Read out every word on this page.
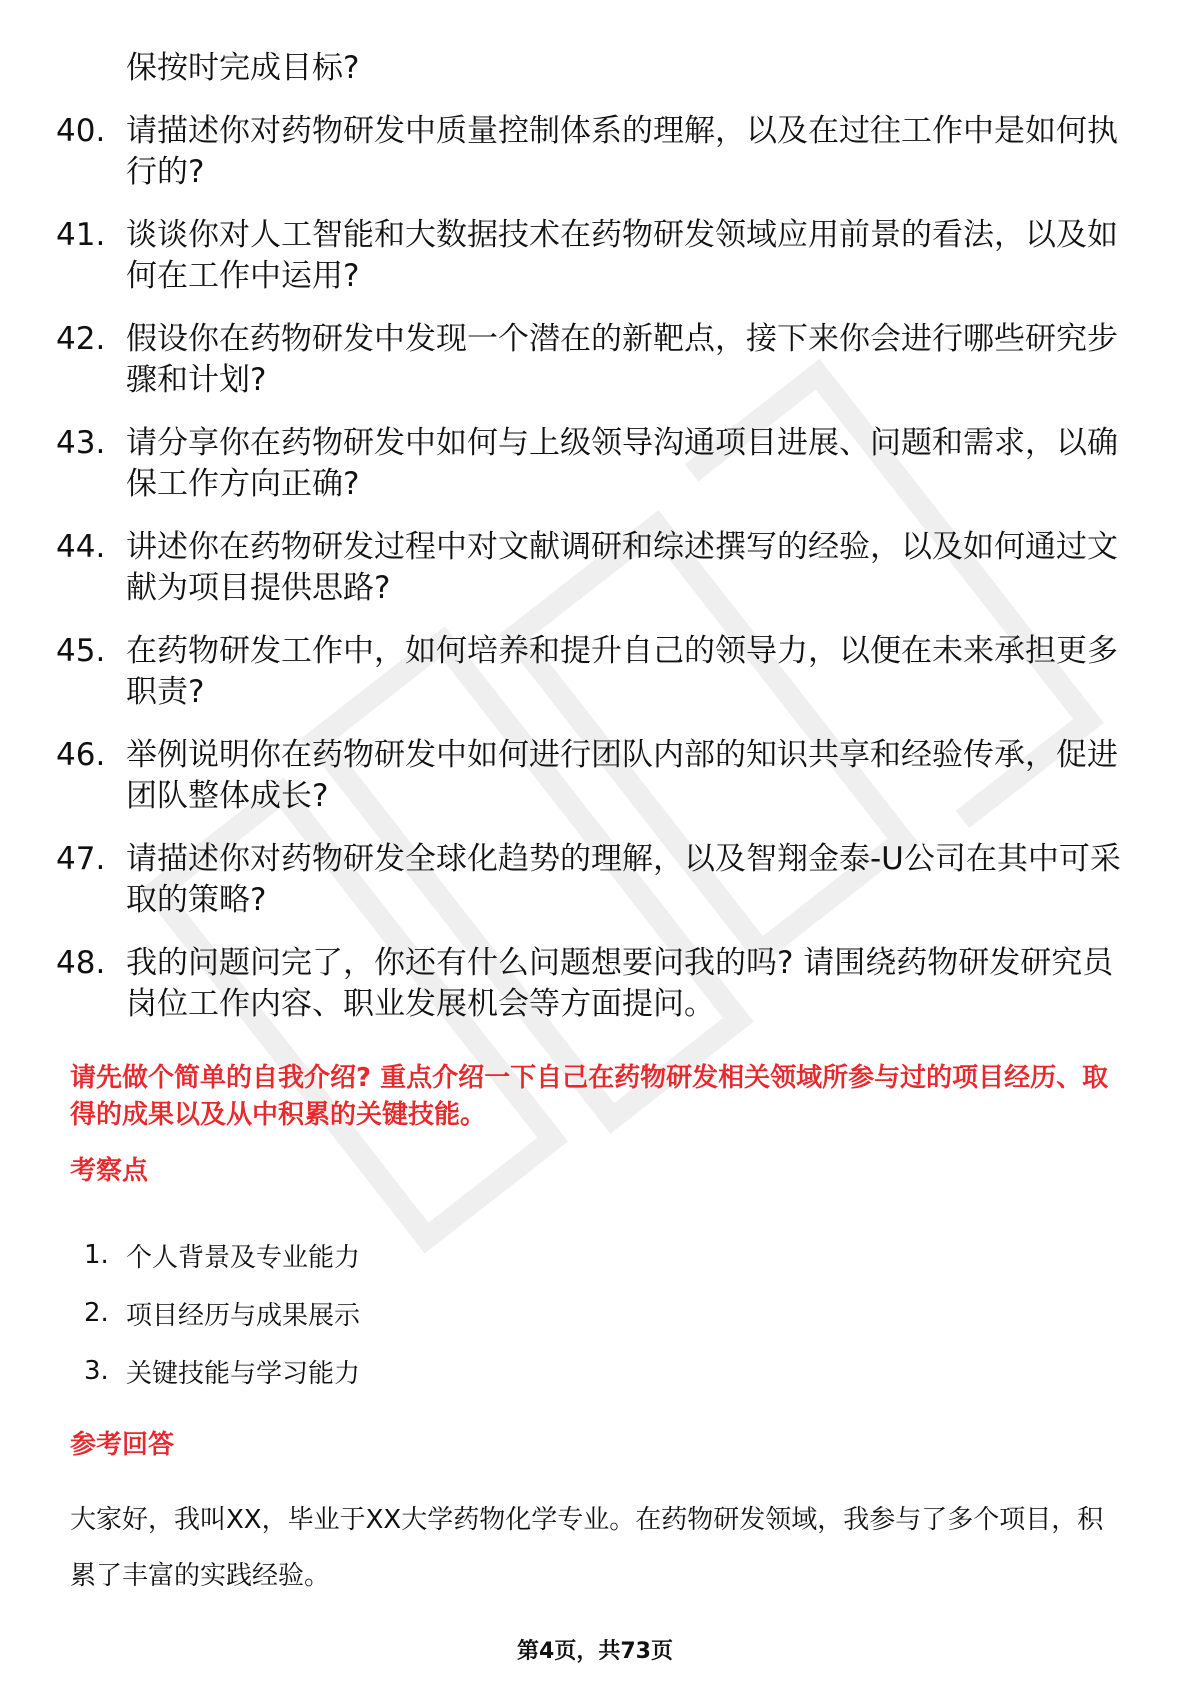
保按时完成目标?
40. 请描述你对药物研发中质量控制体系的理解，以及在过往工作中是如何执行的?
41. 谈谈你对人工智能和大数据技术在药物研发领域应用前景的看法，以及如何在工作中运用?
42. 假设你在药物研发中发现一个潜在的新靶点，接下来你会进行哪些研究步骤和计划?
43. 请分享你在药物研发中如何与上级领导沟通项目进展、问题和需求，以确保工作方向正确?
44. 讲述你在药物研发过程中对文献调研和综述撰写的经验，以及如何通过文献为项目提供思路?
45. 在药物研发工作中，如何培养和提升自己的领导力，以便在未来承担更多职责?
46. 举例说明你在药物研发中如何进行团队内部的知识共享和经验传承，促进团队整体成长?
47. 请描述你对药物研发全球化趋势的理解，以及智翔金泰-U公司在其中可采取的策略?
48. 我的问题问完了，你还有什么问题想要问我的吗? 请围绕药物研发研究员岗位工作内容、职业发展机会等方面提问。
请先做个简单的自我介绍? 重点介绍一下自己在药物研发相关领域所参与过的项目经历、取得的成果以及从中积累的关键技能。
考察点
1. 个人背景及专业能力
2. 项目经历与成果展示
3. 关键技能与学习能力
参考回答
大家好，我叫XX，毕业于XX大学药物化学专业。在药物研发领域，我参与了多个项目，积累了丰富的实践经验。
第4页，共73页
